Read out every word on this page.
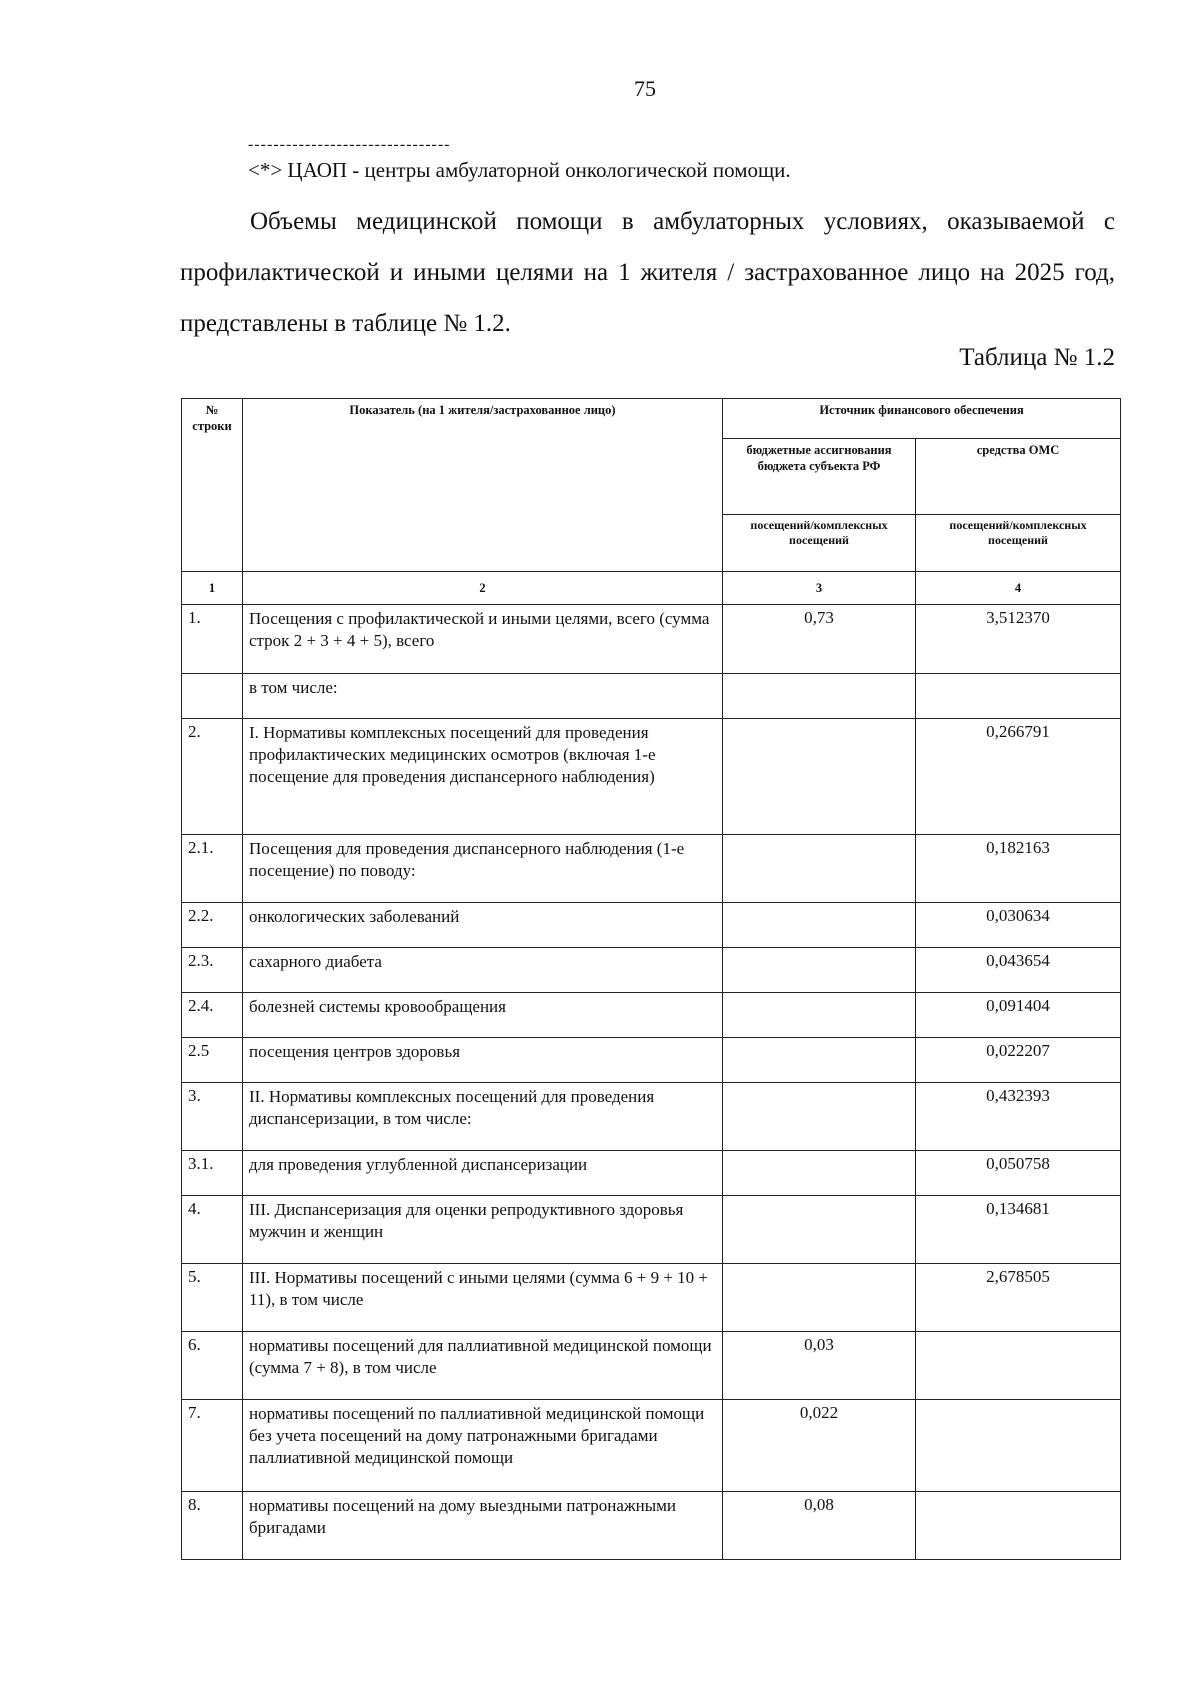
75
--------------------------------
<*> ЦАОП - центры амбулаторной онкологической помощи.

Объемы медицинской помощи в амбулаторных условиях, оказываемой с профилактической и иными целями на 1 жителя / застрахованное лицо на 2025 год, представлены в таблице № 1.2.

Таблица № 1.2
№ строки	Показатель (на 1 жителя/застрахованное лицо)	Источник финансового обеспечения	
		бюджетные ассигнования бюджета субъекта РФ	средства ОМС
		посещений/комплексных посещений	посещений/комплексных посещений
1	2	3	4
1.	Посещения с профилактической и иными целями, всего (сумма строк 2 + 3 + 4 + 5), всего	0,73	3,512370
	в том числе:		
2.	I. Нормативы комплексных посещений для проведения профилактических медицинских осмотров (включая 1-е посещение для проведения диспансерного наблюдения)		0,266791
2.1.	Посещения для проведения диспансерного наблюдения (1-е посещение) по поводу:		0,182163
2.2.	онкологических заболеваний		0,030634
2.3.	сахарного диабета		0,043654
2.4.	болезней системы кровообращения		0,091404
2.5	посещения центров здоровья		0,022207
3.	II. Нормативы комплексных посещений для проведения диспансеризации, в том числе:		0,432393
3.1.	для проведения углубленной диспансеризации		0,050758
4.	III. Диспансеризация для оценки репродуктивного здоровья мужчин и женщин		0,134681
5.	III. Нормативы посещений с иными целями (сумма 6 + 9 + 10 + 11), в том числе		2,678505
6.	нормативы посещений для паллиативной медицинской помощи (сумма 7 + 8), в том числе	0,03	
7.	нормативы посещений по паллиативной медицинской помощи без учета посещений на дому патронажными бригадами паллиативной медицинской помощи	0,022	
8.	нормативы посещений на дому выездными патронажными бригадами	0,08	
